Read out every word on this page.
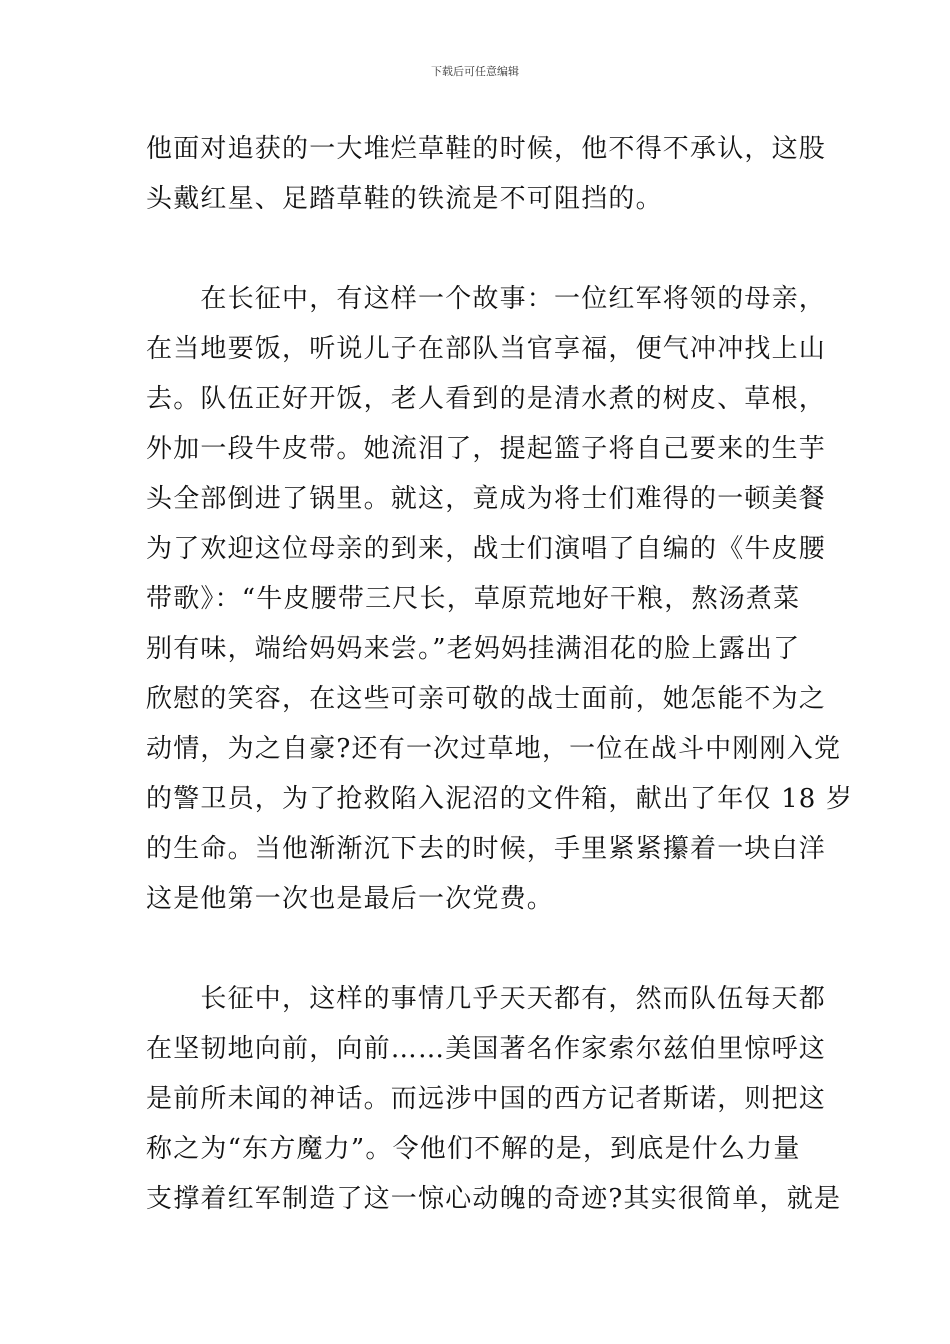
下载后可任意编辑
他面对追获的一大堆烂草鞋的时候，他不得不承认，这股
头戴红星、足踏草鞋的铁流是不可阻挡的。
　　在长征中，有这样一个故事：一位红军将领的母亲，
在当地要饭，听说儿子在部队当官享福，便气冲冲找上山
去。队伍正好开饭，老人看到的是清水煮的树皮、草根，
外加一段牛皮带。她流泪了，提起篮子将自己要来的生芋
头全部倒进了锅里。就这，竟成为将士们难得的一顿美餐
为了欢迎这位母亲的到来，战士们演唱了自编的《牛皮腰
带歌》：“牛皮腰带三尺长，草原荒地好干粮，熬汤煮菜
别有味，端给妈妈来尝。”老妈妈挂满泪花的脸上露出了
欣慰的笑容，在这些可亲可敬的战士面前，她怎能不为之
动情，为之自豪?还有一次过草地，一位在战斗中刚刚入党
的警卫员，为了抢救陷入泥沼的文件箱，献出了年仅 18 岁
的生命。当他渐渐沉下去的时候，手里紧紧攥着一块白洋
这是他第一次也是最后一次党费。
　　长征中，这样的事情几乎天天都有，然而队伍每天都
在坚韧地向前，向前……美国著名作家索尔兹伯里惊呼这
是前所未闻的神话。而远涉中国的西方记者斯诺，则把这
称之为“东方魔力”。令他们不解的是，到底是什么力量
支撑着红军制造了这一惊心动魄的奇迹?其实很简单，就是
